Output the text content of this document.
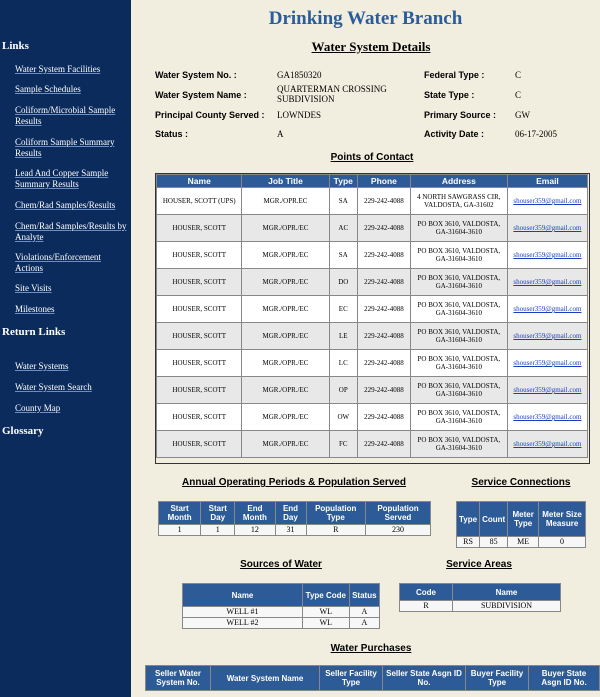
Links
Water System Facilities
Sample Schedules
Coliform/Microbial Sample Results
Coliform Sample Summary Results
Lead And Copper Sample Summary Results
Chem/Rad Samples/Results
Chem/Rad Samples/Results by Analyte
Violations/Enforcement Actions
Site Visits
Milestones
Return Links
Water Systems
Water System Search
County Map
Glossary
Drinking Water Branch
Water System Details
Water System No. :	GA1850320
Water System Name :
QUARTERMAN CROSSING SUBDIVISION
Principal County Served : LOWNDES
Status :	A
Federal Type :	C
State Type :	C
Primary Source : GW
Activity Date :	06-17-2005
Points of Contact
Name	Job Title	Type	Phone	Address	Email
HOUSER, SCOTT (UPS)	MGR./OPR.EC	SA	229-242-4088	4 NORTH SAWGRASS CIR, VALDOSTA, GA-31602	shouser359@gmail.com
HOUSER, SCOTT	MGR./OPR./EC	AC	229-242-4088	PO BOX 3610, VALDOSTA, GA-31604-3610	shouser359@gmail.com
HOUSER, SCOTT	MGR./OPR./EC	SA	229-242-4088	PO BOX 3610, VALDOSTA, GA-31604-3610	shouser359@gmail.com
HOUSER, SCOTT	MGR./OPR./EC	DO	229-242-4088	PO BOX 3610, VALDOSTA, GA-31604-3610	shouser359@gmail.com
HOUSER, SCOTT	MGR./OPR./EC	EC	229-242-4088	PO BOX 3610, VALDOSTA, GA-31604-3610	shouser359@gmail.com
HOUSER, SCOTT	MGR./OPR./EC	LE	229-242-4088	PO BOX 3610, VALDOSTA, GA-31604-3610	shouser359@gmail.com
HOUSER, SCOTT	MGR./OPR./EC	LC	229-242-4088	PO BOX 3610, VALDOSTA, GA-31604-3610	shouser359@gmail.com
HOUSER, SCOTT	MGR./OPR./EC	OP	229-242-4088	PO BOX 3610, VALDOSTA, GA-31604-3610	shouser359@gmail.com
HOUSER, SCOTT	MGR./OPR./EC	OW	229-242-4088	PO BOX 3610, VALDOSTA, GA-31604-3610	shouser359@gmail.com
HOUSER, SCOTT	MGR./OPR./EC	FC	229-242-4088	PO BOX 3610, VALDOSTA, GA-31604-3610	shouser359@gmail.com
Annual Operating Periods & Population Served
Start Month	Start Day	End Month	End Day	Population Type	Population Served
1	1	12	31	R	230
Service Connections
Type	Count	Meter Type	Meter Size Measure
RS	85	ME	0
Sources of Water
Name	Type Code	Status
WELL #1	WL	A
WELL #2	WL	A
Service Areas
Code	Name
R	SUBDIVISION
Water Purchases
Seller Water System No.	Water System Name	Seller Facility Type	Seller State Asgn ID No.	Buyer Facility Type	Buyer State Asgn ID No.
